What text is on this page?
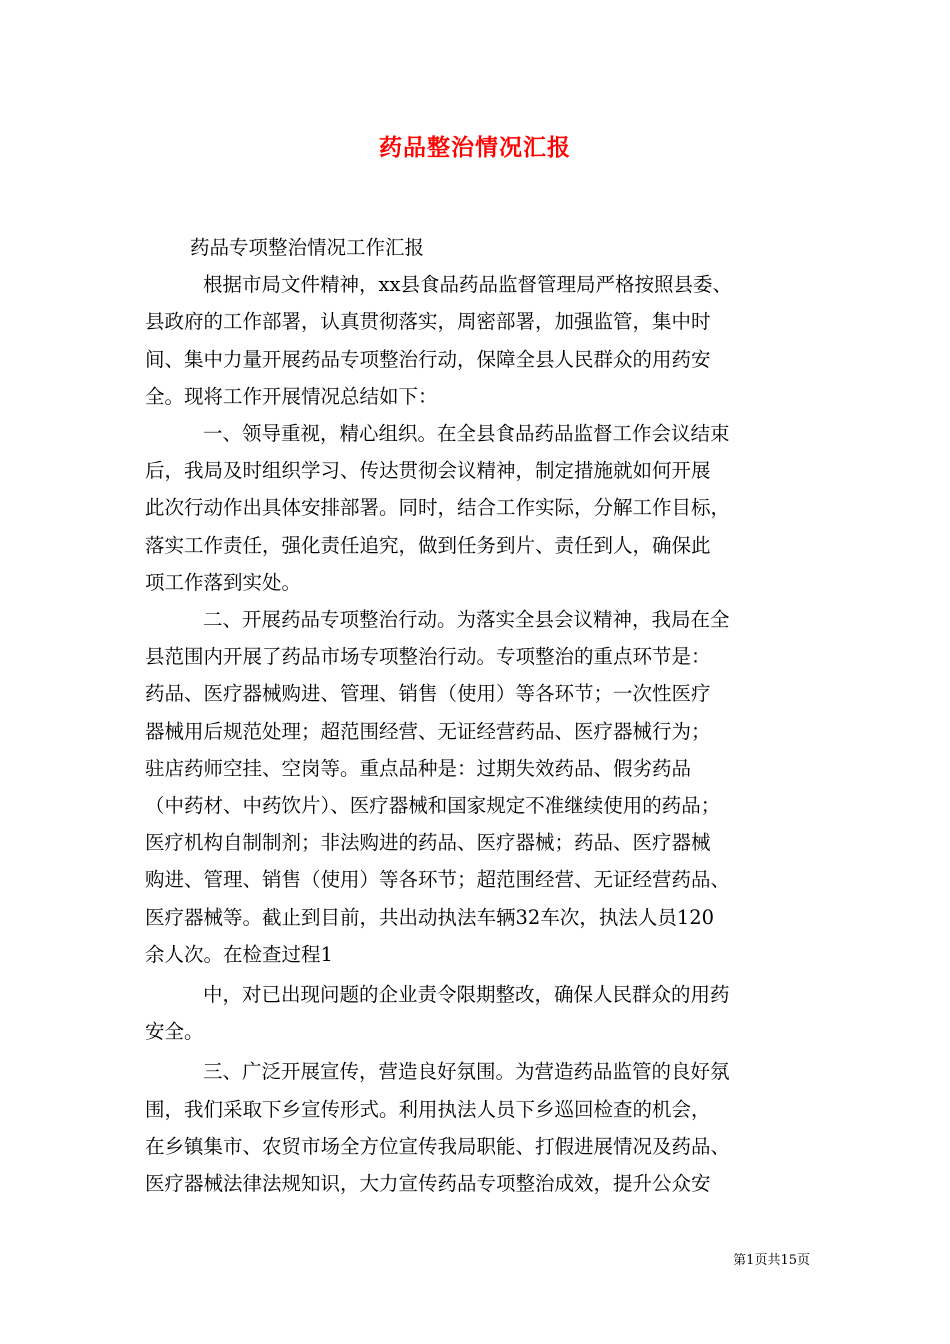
药品整治情况汇报

药品专项整治情况工作汇报

根据市局文件精神，xx县食品药品监督管理局严格按照县委、
县政府的工作部署，认真贯彻落实，周密部署，加强监管，集中时
间、集中力量开展药品专项整治行动，保障全县人民群众的用药安
全。现将工作开展情况总结如下：

一、领导重视，精心组织。在全县食品药品监督工作会议结束
后，我局及时组织学习、传达贯彻会议精神，制定措施就如何开展
此次行动作出具体安排部署。同时，结合工作实际，分解工作目标，
落实工作责任，强化责任追究，做到任务到片、责任到人，确保此
项工作落到实处。

二、开展药品专项整治行动。为落实全县会议精神，我局在全
县范围内开展了药品市场专项整治行动。专项整治的重点环节是：
药品、医疗器械购进、管理、销售（使用）等各环节；一次性医疗
器械用后规范处理；超范围经营、无证经营药品、医疗器械行为；
驻店药师空挂、空岗等。重点品种是：过期失效药品、假劣药品
（中药材、中药饮片）、医疗器械和国家规定不准继续使用的药品；
医疗机构自制制剂；非法购进的药品、医疗器械；药品、医疗器械
购进、管理、销售（使用）等各环节；超范围经营、无证经营药品、
医疗器械等。截止到目前，共出动执法车辆32车次，执法人员120
余人次。在检查过程1

中，对已出现问题的企业责令限期整改，确保人民群众的用药
安全。

三、广泛开展宣传，营造良好氛围。为营造药品监管的良好氛
围，我们采取下乡宣传形式。利用执法人员下乡巡回检查的机会，
在乡镇集市、农贸市场全方位宣传我局职能、打假进展情况及药品、
医疗器械法律法规知识，大力宣传药品专项整治成效，提升公众安

第1页共15页
